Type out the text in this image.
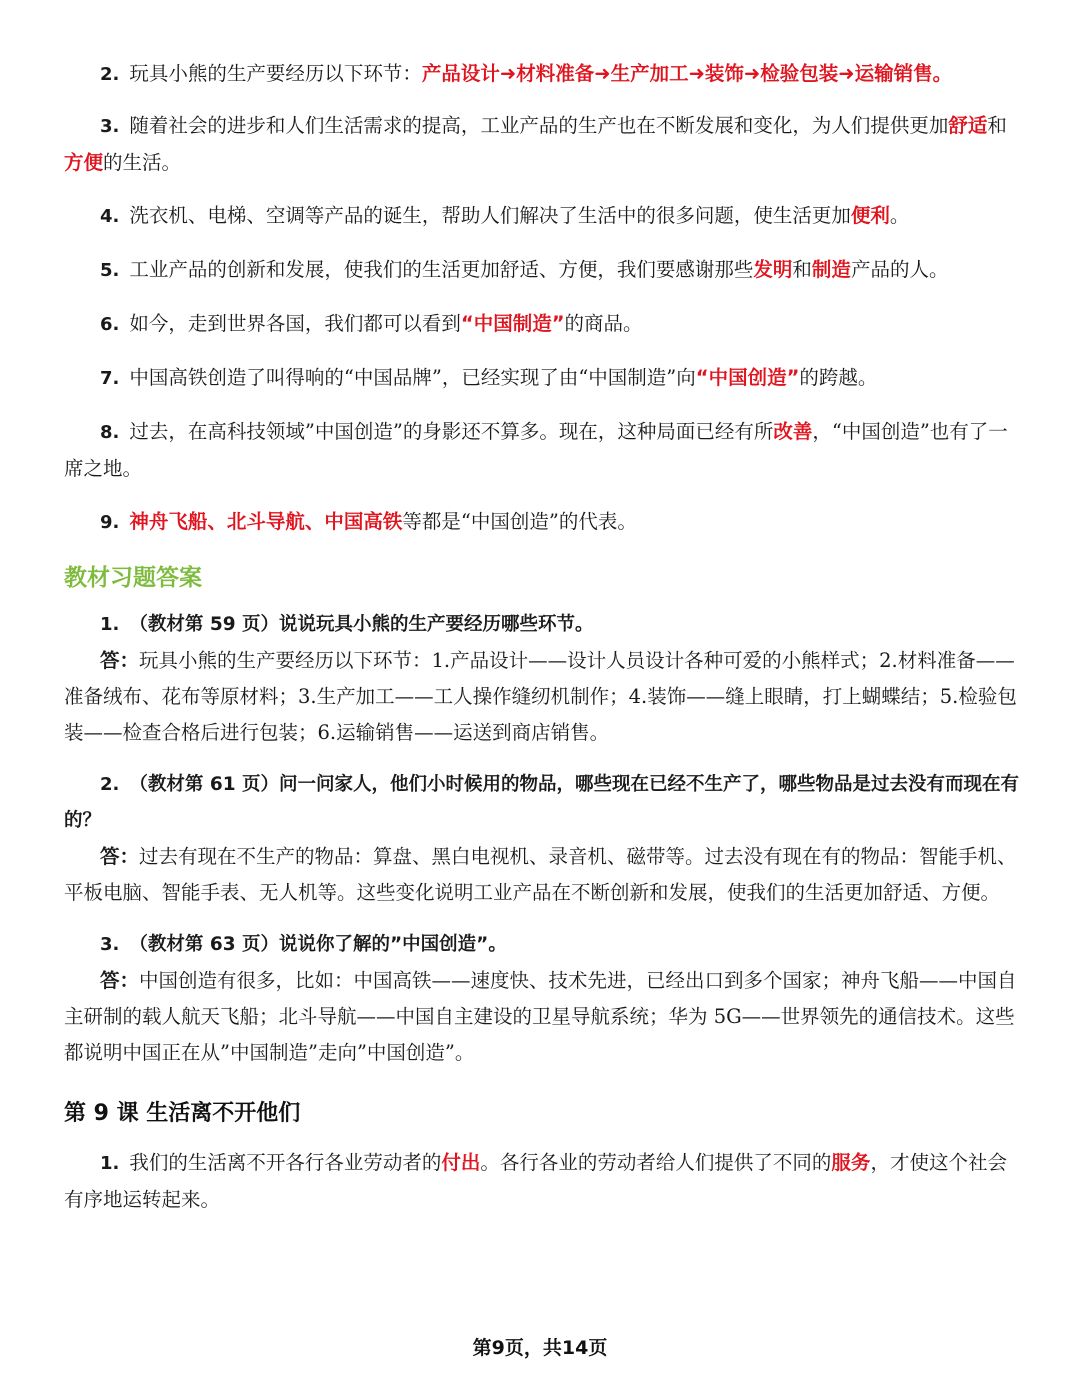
2. 玩具小熊的生产要经历以下环节：产品设计➜材料准备➜生产加工➜装饰➜检验包装➜运输销售。

3. 随着社会的进步和人们生活需求的提高，工业产品的生产也在不断发展和变化，为人们提供更加舒适和方便的生活。

4. 洗衣机、电梯、空调等产品的诞生，帮助人们解决了生活中的很多问题，使生活更加便利。

5. 工业产品的创新和发展，使我们的生活更加舒适、方便，我们要感谢那些发明和制造产品的人。

6. 如今，走到世界各国，我们都可以看到“中国制造”的商品。

7. 中国高铁创造了叫得响的“中国品牌”，已经实现了由“中国制造”向“中国创造”的跨越。

8. 过去，在高科技领域”中国创造”的身影还不算多。现在，这种局面已经有所改善，“中国创造”也有了一席之地。

9. 神舟飞船、北斗导航、中国高铁等都是“中国创造”的代表。

教材习题答案

1. （教材第 59 页）说说玩具小熊的生产要经历哪些环节。

答：玩具小熊的生产要经历以下环节：1.产品设计——设计人员设计各种可爱的小熊样式；2.材料准备——准备绒布、花布等原材料；3.生产加工——工人操作缝纫机制作；4.装饰——缝上眼睛，打上蝴蝶结；5.检验包装——检查合格后进行包装；6.运输销售——运送到商店销售。

2. （教材第 61 页）问一问家人，他们小时候用的物品，哪些现在已经不生产了，哪些物品是过去没有而现在有的？

答：过去有现在不生产的物品：算盘、黑白电视机、录音机、磁带等。过去没有现在有的物品：智能手机、平板电脑、智能手表、无人机等。这些变化说明工业产品在不断创新和发展，使我们的生活更加舒适、方便。

3. （教材第 63 页）说说你了解的”中国创造”。

答：中国创造有很多，比如：中国高铁——速度快、技术先进，已经出口到多个国家；神舟飞船——中国自主研制的载人航天飞船；北斗导航——中国自主建设的卫星导航系统；华为 5G——世界领先的通信技术。这些都说明中国正在从”中国制造”走向”中国创造”。

第 9 课 生活离不开他们

1. 我们的生活离不开各行各业劳动者的付出。各行各业的劳动者给人们提供了不同的服务，才使这个社会有序地运转起来。

第9页，共14页
